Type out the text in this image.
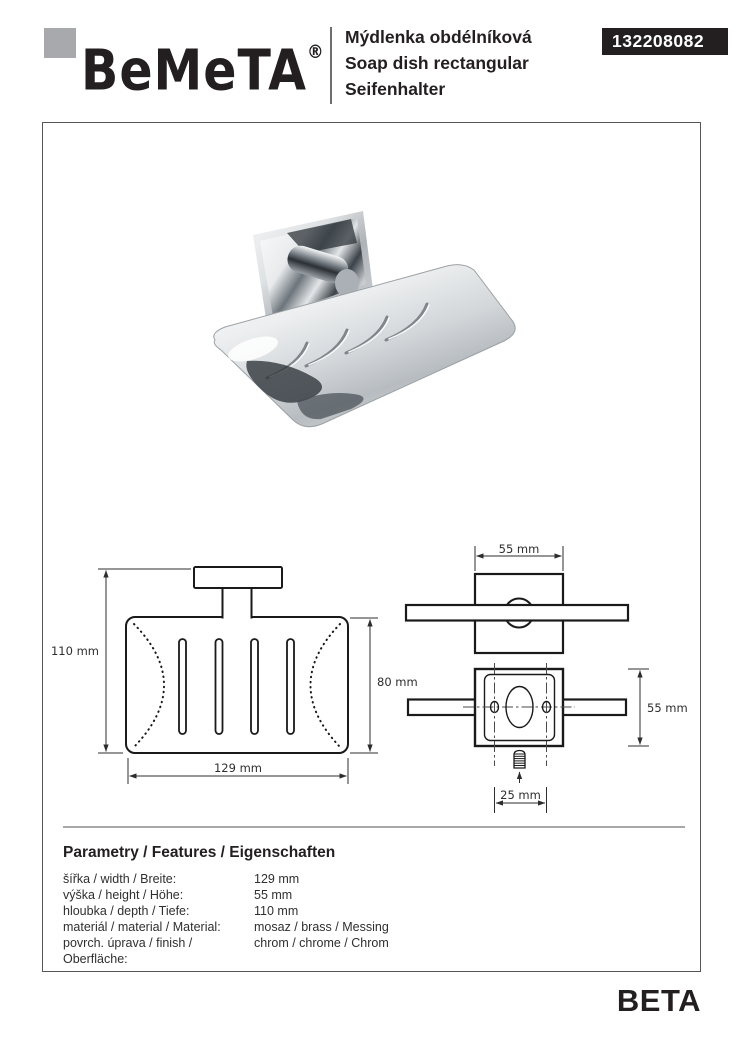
BeMeTA®
Mýdlenka obdélníková
Soap dish rectangular
Seifenhalter
132208082
110 mm
80 mm
129 mm
55 mm
55 mm
25 mm
Parametry / Features / Eigenschaften
šířka / width / Breite:	129 mm
výška / height / Höhe:	55 mm
hloubka / depth / Tiefe:	110 mm
materiál / material / Material:	mosaz / brass / Messing
povrch. úprava / finish / Oberfläche:
chrom / chrome / Chrom
BETA
